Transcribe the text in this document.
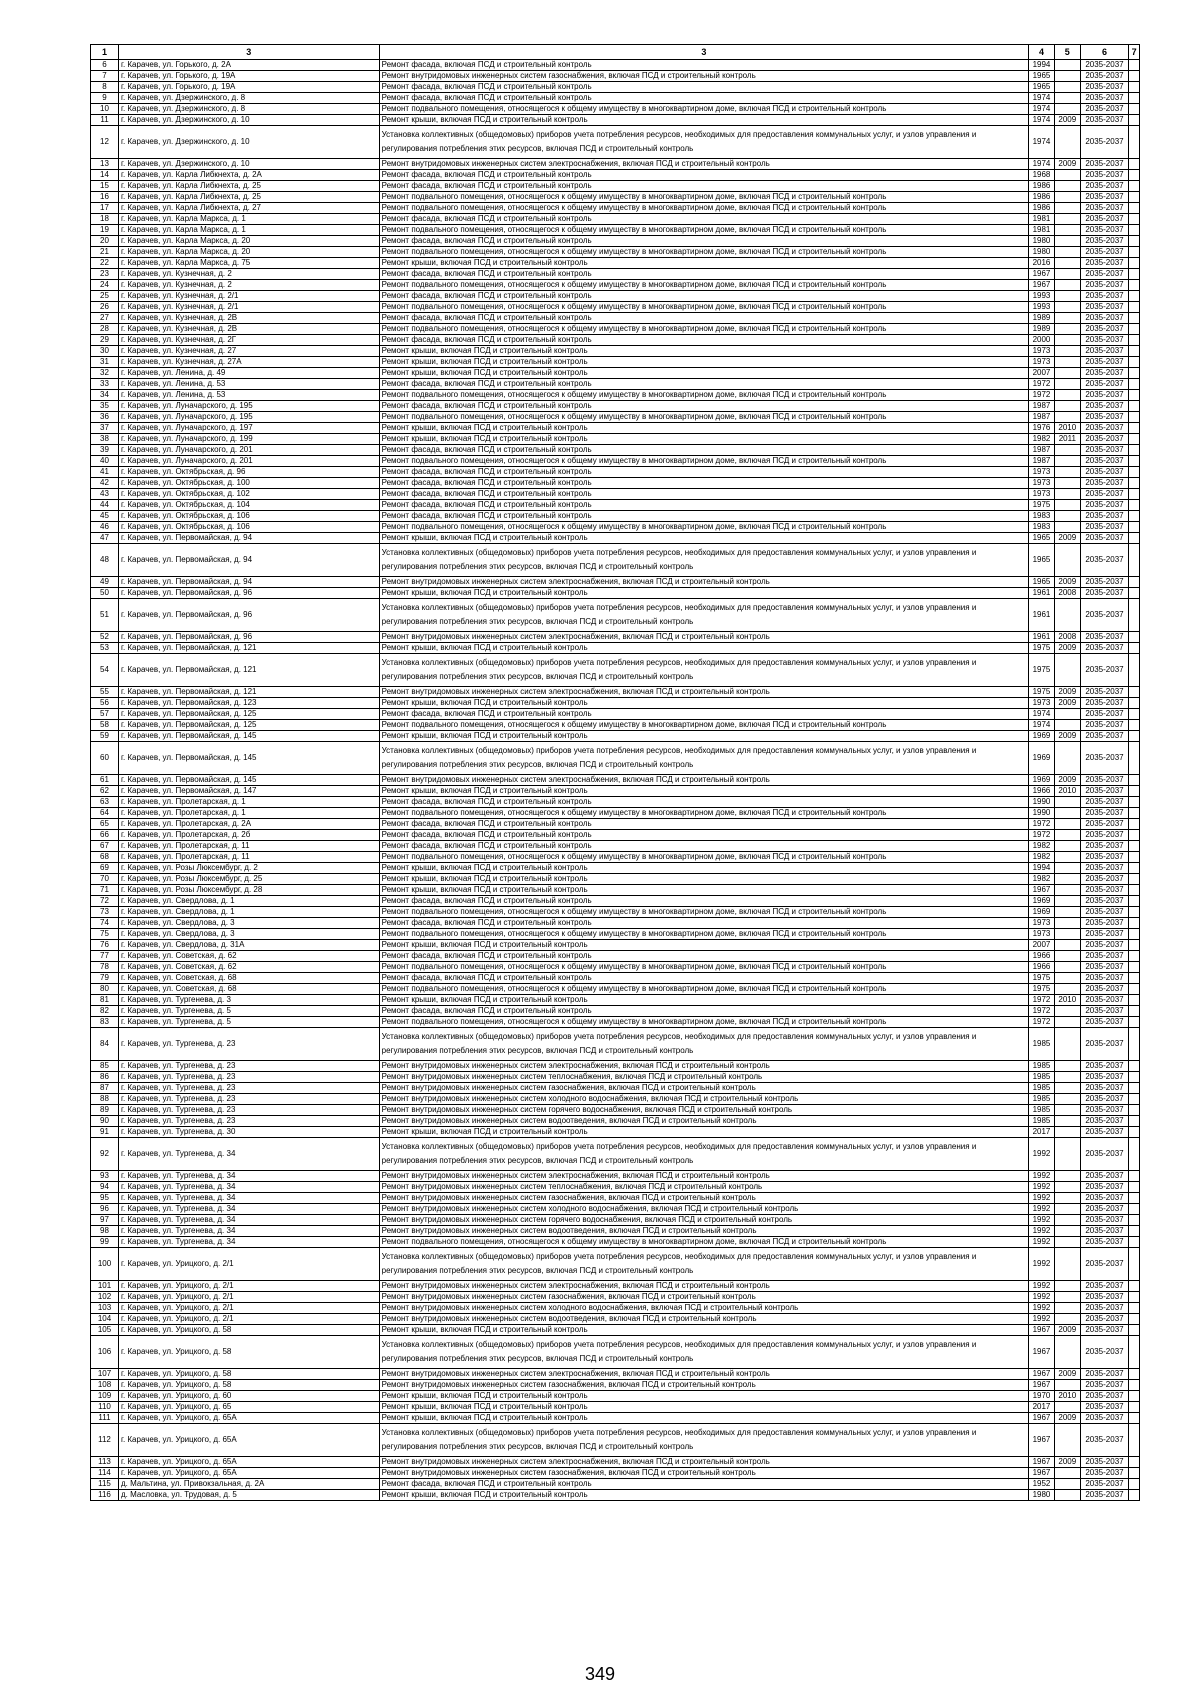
1	3	3	4	5	6	7
6	г. Карачев, ул. Горького, д. 2А	Ремонт фасада, включая ПСД и строительный контроль	1994		2035-2037	
7	г. Карачев, ул. Горького, д. 19А	Ремонт внутридомовых инженерных систем газоснабжения, включая ПСД и строительный контроль	1965		2035-2037	
8	г. Карачев, ул. Горького, д. 19А	Ремонт фасада, включая ПСД и строительный контроль	1965		2035-2037	
9	г. Карачев, ул. Дзержинского, д. 8	Ремонт фасада, включая ПСД и строительный контроль	1974		2035-2037	
10	г. Карачев, ул. Дзержинского, д. 8	Ремонт подвального помещения, относящегося к общему имуществу в многоквартирном доме, включая ПСД и строительный контроль	1974		2035-2037	
11	г. Карачев, ул. Дзержинского, д. 10	Ремонт крыши, включая ПСД и строительный контроль	1974	2009	2035-2037	
12	г. Карачев, ул. Дзержинского, д. 10	Установка коллективных (общедомовых) приборов учета потребления ресурсов, необходимых для предоставления коммунальных услуг, и узлов управления и регулирования потребления этих ресурсов, включая ПСД и строительный контроль	1974		2035-2037	
13	г. Карачев, ул. Дзержинского, д. 10	Ремонт внутридомовых инженерных систем электроснабжения, включая ПСД и строительный контроль	1974	2009	2035-2037	
14	г. Карачев, ул. Карла Либкнехта, д. 2А	Ремонт фасада, включая ПСД и строительный контроль	1968		2035-2037	
15	г. Карачев, ул. Карла Либкнехта, д. 25	Ремонт фасада, включая ПСД и строительный контроль	1986		2035-2037	
16	г. Карачев, ул. Карла Либкнехта, д. 25	Ремонт подвального помещения, относящегося к общему имуществу в многоквартирном доме, включая ПСД и строительный контроль	1986		2035-2037	
17	г. Карачев, ул. Карла Либкнехта, д. 27	Ремонт подвального помещения, относящегося к общему имуществу в многоквартирном доме, включая ПСД и строительный контроль	1986		2035-2037	
18	г. Карачев, ул. Карла Маркса, д. 1	Ремонт фасада, включая ПСД и строительный контроль	1981		2035-2037	
19	г. Карачев, ул. Карла Маркса, д. 1	Ремонт подвального помещения, относящегося к общему имуществу в многоквартирном доме, включая ПСД и строительный контроль	1981		2035-2037	
20	г. Карачев, ул. Карла Маркса, д. 20	Ремонт фасада, включая ПСД и строительный контроль	1980		2035-2037	
21	г. Карачев, ул. Карла Маркса, д. 20	Ремонт подвального помещения, относящегося к общему имуществу в многоквартирном доме, включая ПСД и строительный контроль	1980		2035-2037	
22	г. Карачев, ул. Карла Маркса, д. 75	Ремонт крыши, включая ПСД и строительный контроль	2016		2035-2037	
23	г. Карачев, ул. Кузнечная, д. 2	Ремонт фасада, включая ПСД и строительный контроль	1967		2035-2037	
24	г. Карачев, ул. Кузнечная, д. 2	Ремонт подвального помещения, относящегося к общему имуществу в многоквартирном доме, включая ПСД и строительный контроль	1967		2035-2037	
25	г. Карачев, ул. Кузнечная, д. 2/1	Ремонт фасада, включая ПСД и строительный контроль	1993		2035-2037	
26	г. Карачев, ул. Кузнечная, д. 2/1	Ремонт подвального помещения, относящегося к общему имуществу в многоквартирном доме, включая ПСД и строительный контроль	1993		2035-2037	
27	г. Карачев, ул. Кузнечная, д. 2В	Ремонт фасада, включая ПСД и строительный контроль	1989		2035-2037	
28	г. Карачев, ул. Кузнечная, д. 2В	Ремонт подвального помещения, относящегося к общему имуществу в многоквартирном доме, включая ПСД и строительный контроль	1989		2035-2037	
29	г. Карачев, ул. Кузнечная, д. 2Г	Ремонт фасада, включая ПСД и строительный контроль	2000		2035-2037	
30	г. Карачев, ул. Кузнечная, д. 27	Ремонт крыши, включая ПСД и строительный контроль	1973		2035-2037	
31	г. Карачев, ул. Кузнечная, д. 27А	Ремонт крыши, включая ПСД и строительный контроль	1973		2035-2037	
32	г. Карачев, ул. Ленина, д. 49	Ремонт крыши, включая ПСД и строительный контроль	2007		2035-2037	
33	г. Карачев, ул. Ленина, д. 53	Ремонт фасада, включая ПСД и строительный контроль	1972		2035-2037	
34	г. Карачев, ул. Ленина, д. 53	Ремонт подвального помещения, относящегося к общему имуществу в многоквартирном доме, включая ПСД и строительный контроль	1972		2035-2037	
35	г. Карачев, ул. Луначарского, д. 195	Ремонт фасада, включая ПСД и строительный контроль	1987		2035-2037	
36	г. Карачев, ул. Луначарского, д. 195	Ремонт подвального помещения, относящегося к общему имуществу в многоквартирном доме, включая ПСД и строительный контроль	1987		2035-2037	
37	г. Карачев, ул. Луначарского, д. 197	Ремонт крыши, включая ПСД и строительный контроль	1976	2010	2035-2037	
38	г. Карачев, ул. Луначарского, д. 199	Ремонт крыши, включая ПСД и строительный контроль	1982	2011	2035-2037	
39	г. Карачев, ул. Луначарского, д. 201	Ремонт фасада, включая ПСД и строительный контроль	1987		2035-2037	
40	г. Карачев, ул. Луначарского, д. 201	Ремонт подвального помещения, относящегося к общему имуществу в многоквартирном доме, включая ПСД и строительный контроль	1987		2035-2037	
41	г. Карачев, ул. Октябрьская, д. 96	Ремонт фасада, включая ПСД и строительный контроль	1973		2035-2037	
42	г. Карачев, ул. Октябрьская, д. 100	Ремонт фасада, включая ПСД и строительный контроль	1973		2035-2037	
43	г. Карачев, ул. Октябрьская, д. 102	Ремонт фасада, включая ПСД и строительный контроль	1973		2035-2037	
44	г. Карачев, ул. Октябрьская, д. 104	Ремонт фасада, включая ПСД и строительный контроль	1975		2035-2037	
45	г. Карачев, ул. Октябрьская, д. 106	Ремонт фасада, включая ПСД и строительный контроль	1983		2035-2037	
46	г. Карачев, ул. Октябрьская, д. 106	Ремонт подвального помещения, относящегося к общему имуществу в многоквартирном доме, включая ПСД и строительный контроль	1983		2035-2037	
47	г. Карачев, ул. Первомайская, д. 94	Ремонт крыши, включая ПСД и строительный контроль	1965	2009	2035-2037	
48	г. Карачев, ул. Первомайская, д. 94	Установка коллективных (общедомовых) приборов учета потребления ресурсов, необходимых для предоставления коммунальных услуг, и узлов управления и регулирования потребления этих ресурсов, включая ПСД и строительный контроль	1965		2035-2037	
49	г. Карачев, ул. Первомайская, д. 94	Ремонт внутридомовых инженерных систем электроснабжения, включая ПСД и строительный контроль	1965	2009	2035-2037	
50	г. Карачев, ул. Первомайская, д. 96	Ремонт крыши, включая ПСД и строительный контроль	1961	2008	2035-2037	
51	г. Карачев, ул. Первомайская, д. 96	Установка коллективных (общедомовых) приборов учета потребления ресурсов, необходимых для предоставления коммунальных услуг, и узлов управления и регулирования потребления этих ресурсов, включая ПСД и строительный контроль	1961		2035-2037	
52	г. Карачев, ул. Первомайская, д. 96	Ремонт внутридомовых инженерных систем электроснабжения, включая ПСД и строительный контроль	1961	2008	2035-2037	
53	г. Карачев, ул. Первомайская, д. 121	Ремонт крыши, включая ПСД и строительный контроль	1975	2009	2035-2037	
54	г. Карачев, ул. Первомайская, д. 121	Установка коллективных (общедомовых) приборов учета потребления ресурсов, необходимых для предоставления коммунальных услуг, и узлов управления и регулирования потребления этих ресурсов, включая ПСД и строительный контроль	1975		2035-2037	
55	г. Карачев, ул. Первомайская, д. 121	Ремонт внутридомовых инженерных систем электроснабжения, включая ПСД и строительный контроль	1975	2009	2035-2037	
56	г. Карачев, ул. Первомайская, д. 123	Ремонт крыши, включая ПСД и строительный контроль	1973	2009	2035-2037	
57	г. Карачев, ул. Первомайская, д. 125	Ремонт фасада, включая ПСД и строительный контроль	1974		2035-2037	
58	г. Карачев, ул. Первомайская, д. 125	Ремонт подвального помещения, относящегося к общему имуществу в многоквартирном доме, включая ПСД и строительный контроль	1974		2035-2037	
59	г. Карачев, ул. Первомайская, д. 145	Ремонт крыши, включая ПСД и строительный контроль	1969	2009	2035-2037	
60	г. Карачев, ул. Первомайская, д. 145	Установка коллективных (общедомовых) приборов учета потребления ресурсов, необходимых для предоставления коммунальных услуг, и узлов управления и регулирования потребления этих ресурсов, включая ПСД и строительный контроль	1969		2035-2037	
61	г. Карачев, ул. Первомайская, д. 145	Ремонт внутридомовых инженерных систем электроснабжения, включая ПСД и строительный контроль	1969	2009	2035-2037	
62	г. Карачев, ул. Первомайская, д. 147	Ремонт крыши, включая ПСД и строительный контроль	1966	2010	2035-2037	
63	г. Карачев, ул. Пролетарская, д. 1	Ремонт фасада, включая ПСД и строительный контроль	1990		2035-2037	
64	г. Карачев, ул. Пролетарская, д. 1	Ремонт подвального помещения, относящегося к общему имуществу в многоквартирном доме, включая ПСД и строительный контроль	1990		2035-2037	
65	г. Карачев, ул. Пролетарская, д. 2А	Ремонт фасада, включая ПСД и строительный контроль	1972		2035-2037	
66	г. Карачев, ул. Пролетарская, д. 2б	Ремонт фасада, включая ПСД и строительный контроль	1972		2035-2037	
67	г. Карачев, ул. Пролетарская, д. 11	Ремонт фасада, включая ПСД и строительный контроль	1982		2035-2037	
68	г. Карачев, ул. Пролетарская, д. 11	Ремонт подвального помещения, относящегося к общему имуществу в многоквартирном доме, включая ПСД и строительный контроль	1982		2035-2037	
69	г. Карачев, ул. Розы Люксембург, д. 2	Ремонт крыши, включая ПСД и строительный контроль	1994		2035-2037	
70	г. Карачев, ул. Розы Люксембург, д. 25	Ремонт крыши, включая ПСД и строительный контроль	1982		2035-2037	
71	г. Карачев, ул. Розы Люксембург, д. 28	Ремонт крыши, включая ПСД и строительный контроль	1967		2035-2037	
72	г. Карачев, ул. Свердлова, д. 1	Ремонт фасада, включая ПСД и строительный контроль	1969		2035-2037	
73	г. Карачев, ул. Свердлова, д. 1	Ремонт подвального помещения, относящегося к общему имуществу в многоквартирном доме, включая ПСД и строительный контроль	1969		2035-2037	
74	г. Карачев, ул. Свердлова, д. 3	Ремонт фасада, включая ПСД и строительный контроль	1973		2035-2037	
75	г. Карачев, ул. Свердлова, д. 3	Ремонт подвального помещения, относящегося к общему имуществу в многоквартирном доме, включая ПСД и строительный контроль	1973		2035-2037	
76	г. Карачев, ул. Свердлова, д. 31А	Ремонт крыши, включая ПСД и строительный контроль	2007		2035-2037	
77	г. Карачев, ул. Советская, д. 62	Ремонт фасада, включая ПСД и строительный контроль	1966		2035-2037	
78	г. Карачев, ул. Советская, д. 62	Ремонт подвального помещения, относящегося к общему имуществу в многоквартирном доме, включая ПСД и строительный контроль	1966		2035-2037	
79	г. Карачев, ул. Советская, д. 68	Ремонт фасада, включая ПСД и строительный контроль	1975		2035-2037	
80	г. Карачев, ул. Советская, д. 68	Ремонт подвального помещения, относящегося к общему имуществу в многоквартирном доме, включая ПСД и строительный контроль	1975		2035-2037	
81	г. Карачев, ул. Тургенева, д. 3	Ремонт крыши, включая ПСД и строительный контроль	1972	2010	2035-2037	
82	г. Карачев, ул. Тургенева, д. 5	Ремонт фасада, включая ПСД и строительный контроль	1972		2035-2037	
83	г. Карачев, ул. Тургенева, д. 5	Ремонт подвального помещения, относящегося к общему имуществу в многоквартирном доме, включая ПСД и строительный контроль	1972		2035-2037	
84	г. Карачев, ул. Тургенева, д. 23	Установка коллективных (общедомовых) приборов учета потребления ресурсов, необходимых для предоставления коммунальных услуг, и узлов управления и регулирования потребления этих ресурсов, включая ПСД и строительный контроль	1985		2035-2037	
85	г. Карачев, ул. Тургенева, д. 23	Ремонт внутридомовых инженерных систем электроснабжения, включая ПСД и строительный контроль	1985		2035-2037	
86	г. Карачев, ул. Тургенева, д. 23	Ремонт внутридомовых инженерных систем теплоснабжения, включая ПСД и строительный контроль	1985		2035-2037	
87	г. Карачев, ул. Тургенева, д. 23	Ремонт внутридомовых инженерных систем газоснабжения, включая ПСД и строительный контроль	1985		2035-2037	
88	г. Карачев, ул. Тургенева, д. 23	Ремонт внутридомовых инженерных систем холодного водоснабжения, включая ПСД и строительный контроль	1985		2035-2037	
89	г. Карачев, ул. Тургенева, д. 23	Ремонт внутридомовых инженерных систем горячего водоснабжения, включая ПСД и строительный контроль	1985		2035-2037	
90	г. Карачев, ул. Тургенева, д. 23	Ремонт внутридомовых инженерных систем водоотведения, включая ПСД и строительный контроль	1985		2035-2037	
91	г. Карачев, ул. Тургенева, д. 30	Ремонт крыши, включая ПСД и строительный контроль	2017		2035-2037	
92	г. Карачев, ул. Тургенева, д. 34	Установка коллективных (общедомовых) приборов учета потребления ресурсов, необходимых для предоставления коммунальных услуг, и узлов управления и регулирования потребления этих ресурсов, включая ПСД и строительный контроль	1992		2035-2037	
93	г. Карачев, ул. Тургенева, д. 34	Ремонт внутридомовых инженерных систем электроснабжения, включая ПСД и строительный контроль	1992		2035-2037	
94	г. Карачев, ул. Тургенева, д. 34	Ремонт внутридомовых инженерных систем теплоснабжения, включая ПСД и строительный контроль	1992		2035-2037	
95	г. Карачев, ул. Тургенева, д. 34	Ремонт внутридомовых инженерных систем газоснабжения, включая ПСД и строительный контроль	1992		2035-2037	
96	г. Карачев, ул. Тургенева, д. 34	Ремонт внутридомовых инженерных систем холодного водоснабжения, включая ПСД и строительный контроль	1992		2035-2037	
97	г. Карачев, ул. Тургенева, д. 34	Ремонт внутридомовых инженерных систем горячего водоснабжения, включая ПСД и строительный контроль	1992		2035-2037	
98	г. Карачев, ул. Тургенева, д. 34	Ремонт внутридомовых инженерных систем водоотведения, включая ПСД и строительный контроль	1992		2035-2037	
99	г. Карачев, ул. Тургенева, д. 34	Ремонт подвального помещения, относящегося к общему имуществу в многоквартирном доме, включая ПСД и строительный контроль	1992		2035-2037	
100	г. Карачев, ул. Урицкого, д. 2/1	Установка коллективных (общедомовых) приборов учета потребления ресурсов, необходимых для предоставления коммунальных услуг, и узлов управления и регулирования потребления этих ресурсов, включая ПСД и строительный контроль	1992		2035-2037	
101	г. Карачев, ул. Урицкого, д. 2/1	Ремонт внутридомовых инженерных систем электроснабжения, включая ПСД и строительный контроль	1992		2035-2037	
102	г. Карачев, ул. Урицкого, д. 2/1	Ремонт внутридомовых инженерных систем газоснабжения, включая ПСД и строительный контроль	1992		2035-2037	
103	г. Карачев, ул. Урицкого, д. 2/1	Ремонт внутридомовых инженерных систем холодного водоснабжения, включая ПСД и строительный контроль	1992		2035-2037	
104	г. Карачев, ул. Урицкого, д. 2/1	Ремонт внутридомовых инженерных систем водоотведения, включая ПСД и строительный контроль	1992		2035-2037	
105	г. Карачев, ул. Урицкого, д. 58	Ремонт крыши, включая ПСД и строительный контроль	1967	2009	2035-2037	
106	г. Карачев, ул. Урицкого, д. 58	Установка коллективных (общедомовых) приборов учета потребления ресурсов, необходимых для предоставления коммунальных услуг, и узлов управления и регулирования потребления этих ресурсов, включая ПСД и строительный контроль	1967		2035-2037	
107	г. Карачев, ул. Урицкого, д. 58	Ремонт внутридомовых инженерных систем электроснабжения, включая ПСД и строительный контроль	1967	2009	2035-2037	
108	г. Карачев, ул. Урицкого, д. 58	Ремонт внутридомовых инженерных систем газоснабжения, включая ПСД и строительный контроль	1967		2035-2037	
109	г. Карачев, ул. Урицкого, д. 60	Ремонт крыши, включая ПСД и строительный контроль	1970	2010	2035-2037	
110	г. Карачев, ул. Урицкого, д. 65	Ремонт крыши, включая ПСД и строительный контроль	2017		2035-2037	
111	г. Карачев, ул. Урицкого, д. 65А	Ремонт крыши, включая ПСД и строительный контроль	1967	2009	2035-2037	
112	г. Карачев, ул. Урицкого, д. 65А	Установка коллективных (общедомовых) приборов учета потребления ресурсов, необходимых для предоставления коммунальных услуг, и узлов управления и регулирования потребления этих ресурсов, включая ПСД и строительный контроль	1967		2035-2037	
113	г. Карачев, ул. Урицкого, д. 65А	Ремонт внутридомовых инженерных систем электроснабжения, включая ПСД и строительный контроль	1967	2009	2035-2037	
114	г. Карачев, ул. Урицкого, д. 65А	Ремонт внутридомовых инженерных систем газоснабжения, включая ПСД и строительный контроль	1967		2035-2037	
115	д. Мальтина, ул. Привокзальная, д. 2А	Ремонт фасада, включая ПСД и строительный контроль	1952		2035-2037	
116	д. Масловка, ул. Трудовая, д. 5	Ремонт крыши, включая ПСД и строительный контроль	1980		2035-2037	
349
